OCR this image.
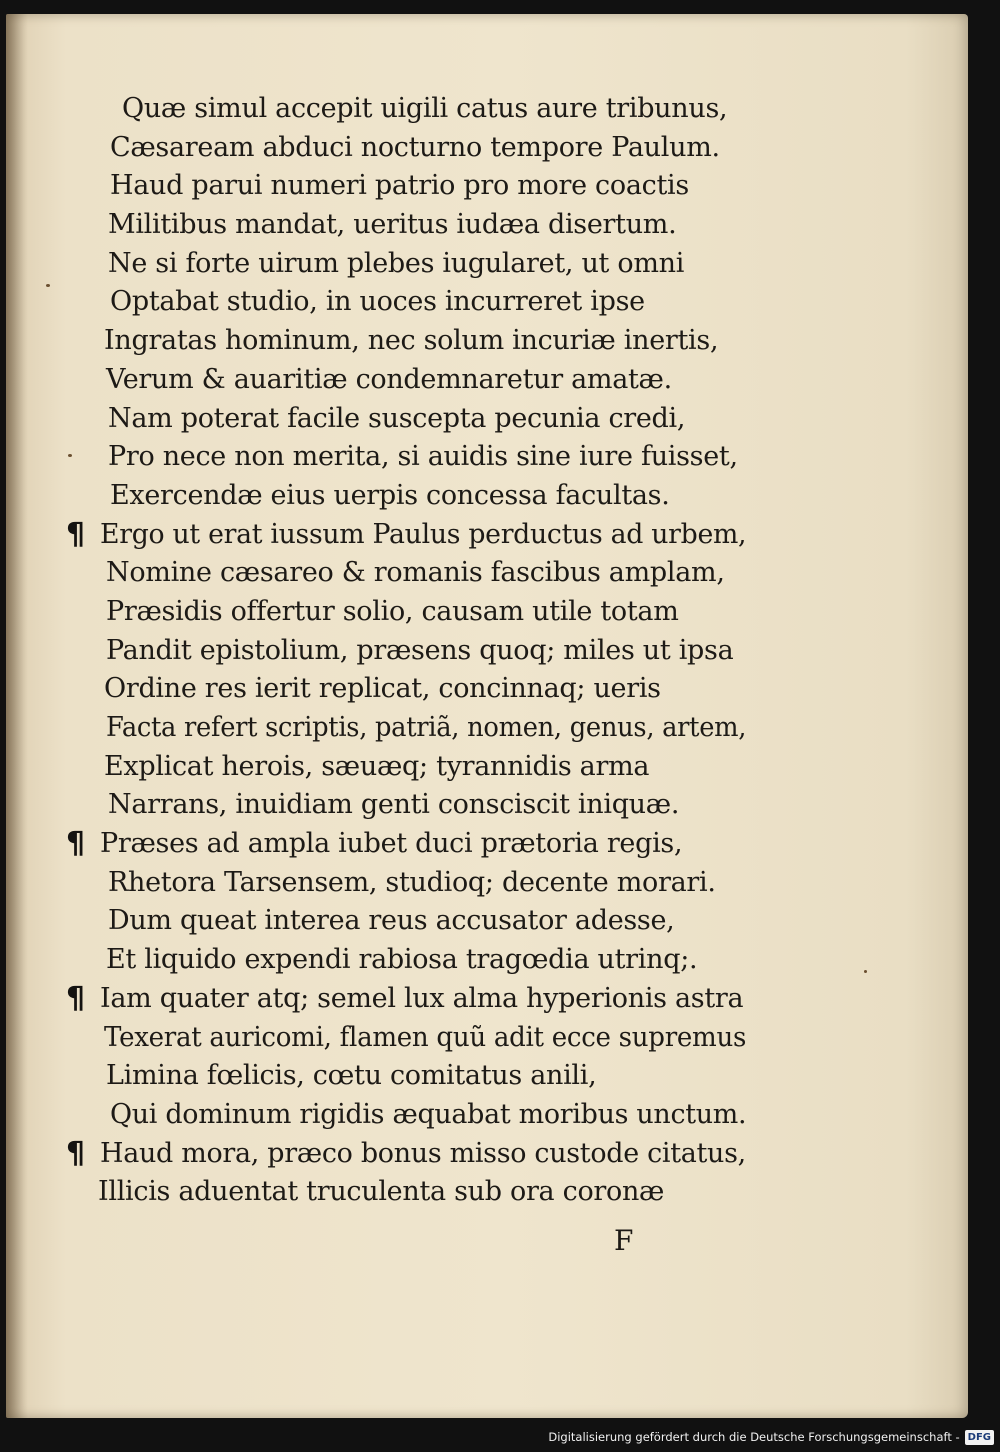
Quæ simul accepit uigili catus aure tribunus,
Cæsaream abduci nocturno tempore Paulum.
Haud parui numeri patrio pro more coactis
Militibus mandat, ueritus iudæa disertum.
Ne si forte uirum plebes iugularet, ut omni
Optabat studio, in uoces incurreret ipse
Ingratas hominum, nec solum incuriæ inertis,
Verum & auaritiæ condemnaretur amatæ.
Nam poterat facile suscepta pecunia credi,
Pro nece non merita, si auidis sine iure fuisset,
Exercendæ eius uerpis concessa facultas.
¶ Ergo ut erat iussum Paulus perductus ad urbem,
Nomine cæsareo & romanis fascibus amplam,
Præsidis offertur solio, causam utile totam
Pandit epistolium, præsens quoq; miles ut ipsa
Ordine res ierit replicat, concinnaq; ueris
Facta refert scriptis, patriã, nomen, genus, artem,
Explicat herois, sæuæq; tyrannidis arma
Narrans, inuidiam genti consciscit iniquæ.
¶ Præses ad ampla iubet duci prætoria regis,
Rhetora Tarsensem, studioq; decente morari.
Dum queat interea reus accusator adesse,
Et liquido expendi rabiosa tragœdia utrinq;.
¶ Iam quater atq; semel lux alma hyperionis astra
Texerat auricomi, flamen quũ adit ecce supremus
Limina fœlicis, cœtu comitatus anili,
Qui dominum rigidis æquabat moribus unctum.
¶ Haud mora, præco bonus misso custode citatus,
Illicis aduentat truculenta sub ora coronæ
F
Digitalisierung gefördert durch die Deutsche Forschungsgemeinschaft - DFG
